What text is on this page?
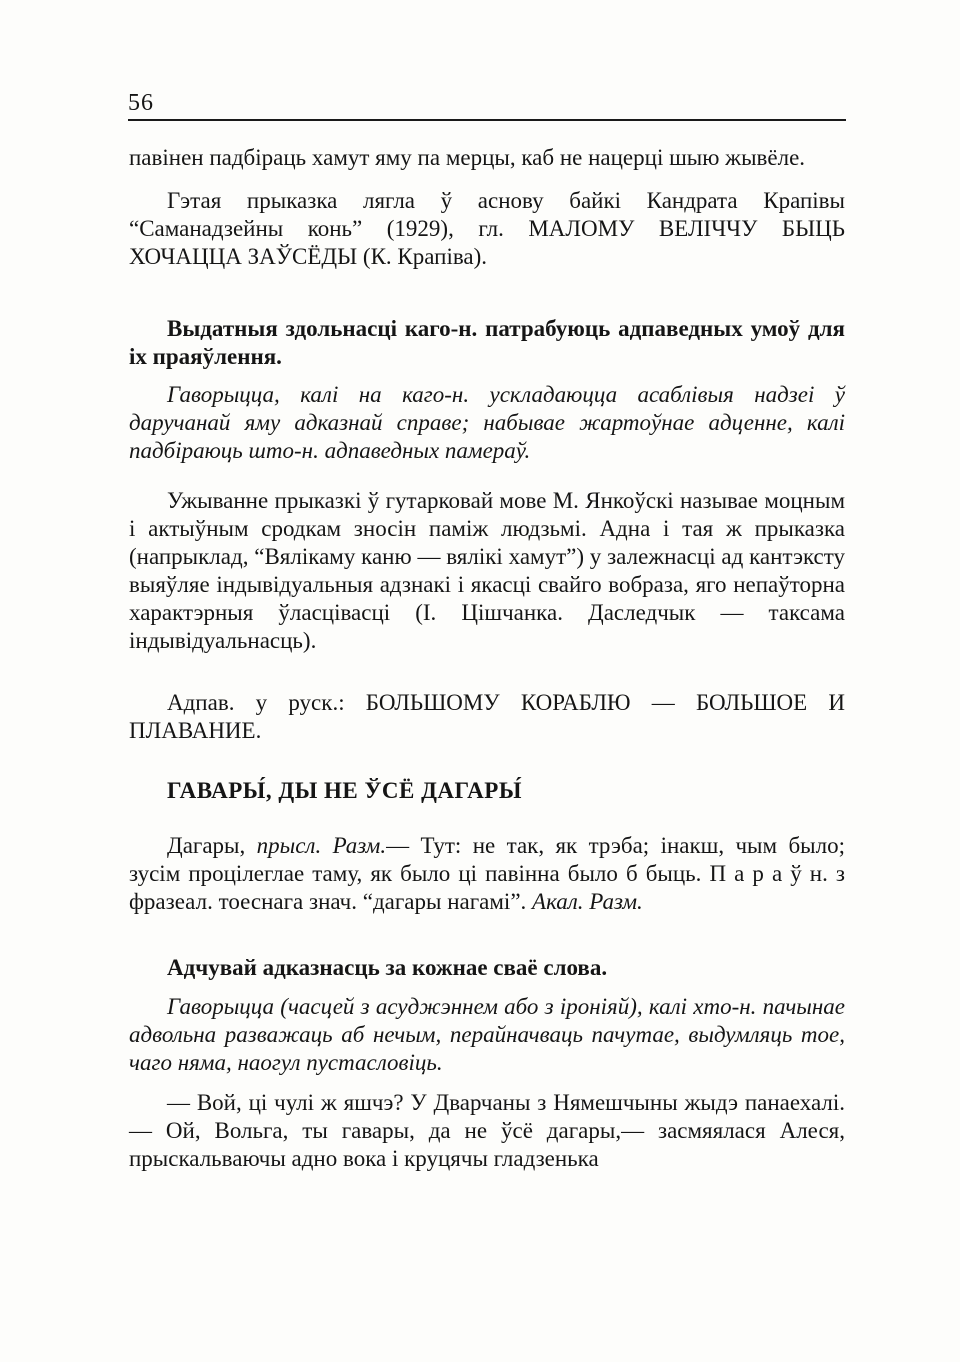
56

павінен падбіраць хамут яму па мерцы, каб не нацерці шыю жывёле.

Гэтая прыказка лягла ў аснову байкі Кандрата Крапівы “Саманадзейны конь” (1929), гл. МАЛОМУ ВЕЛІЧЧУ БЫЦЬ ХОЧАЦЦА ЗАЎСЁДЫ (К. Крапіва).

Выдатныя здольнасці каго-н. патрабуюць адпаведных умоў для іх праяўлення.

Гаворыцца, калі на каго-н. ускладаюцца асаблівыя надзеі ў даручанай яму адказнай справе; набывае жартоўнае адценне, калі падбіраюць што-н. адпаведных памераў.

Ужыванне прыказкі ў гутарковай мове М. Янкоўскі называе моцным і актыўным сродкам зносін паміж людзьмі. Адна і тая ж прыказка (напрыклад, “Вялікаму каню — вялікі хамут”) у залежнасці ад кантэксту выяўляе індывідуальныя адзнакі і якасці свайго вобраза, яго непаўторна характэрныя ўласцівасці (І. Цішчанка. Даследчык — таксама індывідуальнасць).

Адпав. у руск.: БОЛЬШОМУ КОРАБЛЮ — БОЛЬШОЕ И ПЛАВАНИЕ.

ГАВАРЫ́, ДЫ НЕ ЎСЁ ДАГАРЫ́

Дагары, прысл. Разм.— Тут: не так, як трэба; інакш, чым было; зусім процілеглае таму, як было ці павінна было б быць. П а р а ў н. з фразеал. тоеснага знач. “дагары нагамі”. Акал. Разм.

Адчувай адказнасць за кожнае сваё слова.

Гаворыцца (часцей з асуджэннем або з іроніяй), калі хто-н. пачынае адвольна разважаць аб нечым, перайначваць пачутае, выдумляць тое, чаго няма, наогул пустасловіць.

— Вой, ці чулі ж яшчэ? У Дварчаны з Нямешчыны жыдэ панаехалі.— Ой, Вольга, ты гавары, да не ўсё дагары,— засмяялася Алеся, прыскальваючы адно вока і круцячы гладзенька
